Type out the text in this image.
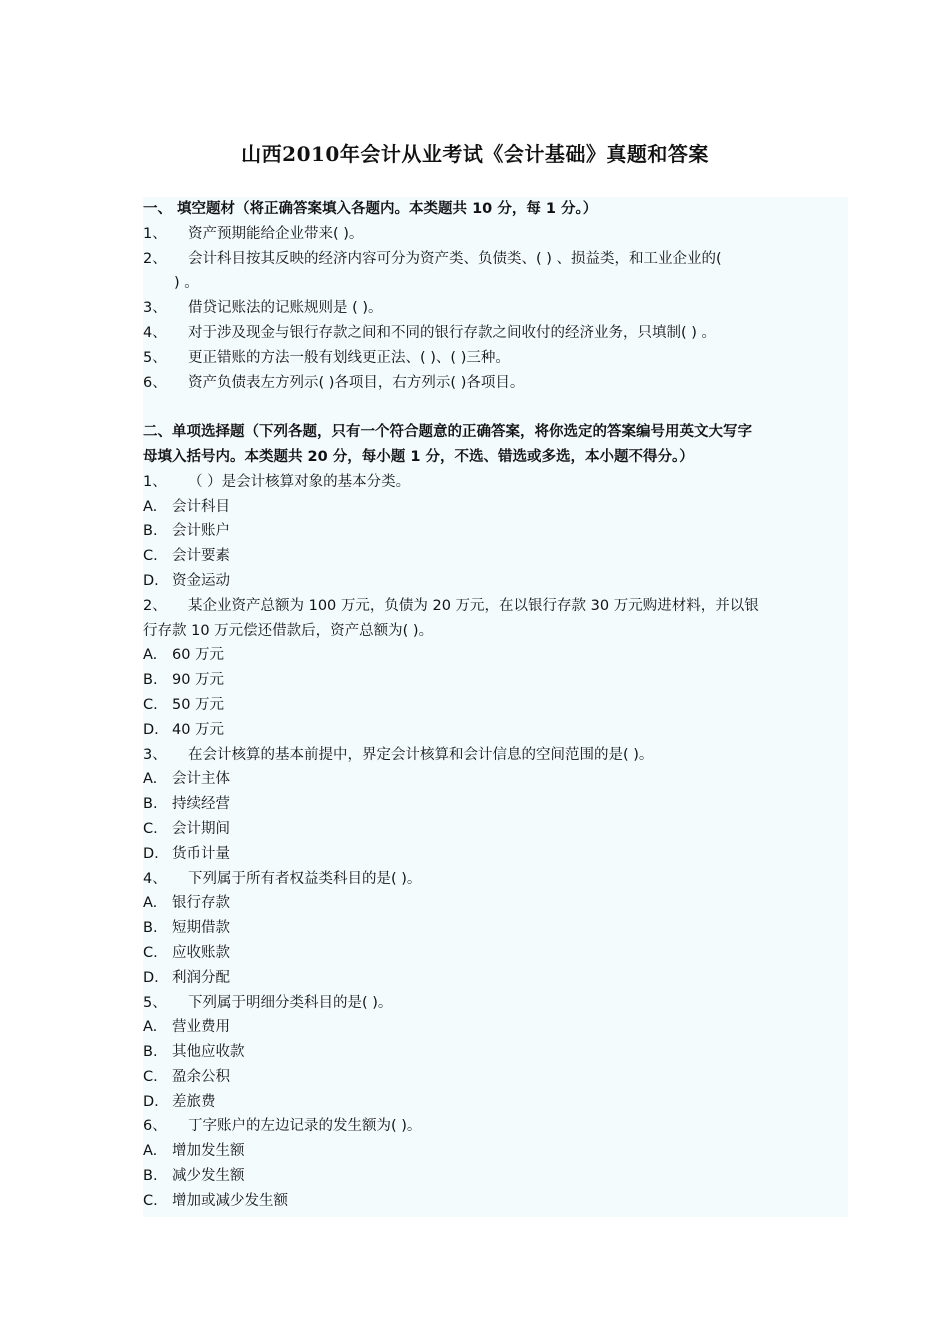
山西2010年会计从业考试《会计基础》真题和答案
一、 填空题材（将正确答案填入各题内。本类题共 10 分，每 1 分。）
1、 资产预期能给企业带来( )。
2、 会计科目按其反映的经济内容可分为资产类、负债类、( ) 、损益类，和工业企业的(
) 。
3、 借贷记账法的记账规则是 ( )。
4、 对于涉及现金与银行存款之间和不同的银行存款之间收付的经济业务，只填制( ) 。
5、 更正错账的方法一般有划线更正法、( )、( )三种。
6、 资产负债表左方列示( )各项目，右方列示( )各项目。
二、单项选择题（下列各题，只有一个符合题意的正确答案，将你选定的答案编号用英文大写字
母填入括号内。本类题共 20 分，每小题 1 分，不选、错选或多选，本小题不得分。）
1、 （ ）是会计核算对象的基本分类。
A. 会计科目
B. 会计账户
C. 会计要素
D. 资金运动
2、 某企业资产总额为 100 万元，负债为 20 万元，在以银行存款 30 万元购进材料，并以银
行存款 10 万元偿还借款后，资产总额为( )。
A. 60 万元
B. 90 万元
C. 50 万元
D. 40 万元
3、 在会计核算的基本前提中，界定会计核算和会计信息的空间范围的是( )。
A. 会计主体
B. 持续经营
C. 会计期间
D. 货币计量
4、 下列属于所有者权益类科目的是( )。
A. 银行存款
B. 短期借款
C. 应收账款
D. 利润分配
5、 下列属于明细分类科目的是( )。
A. 营业费用
B. 其他应收款
C. 盈余公积
D. 差旅费
6、 丁字账户的左边记录的发生额为( )。
A. 增加发生额
B. 减少发生额
C. 增加或减少发生额
